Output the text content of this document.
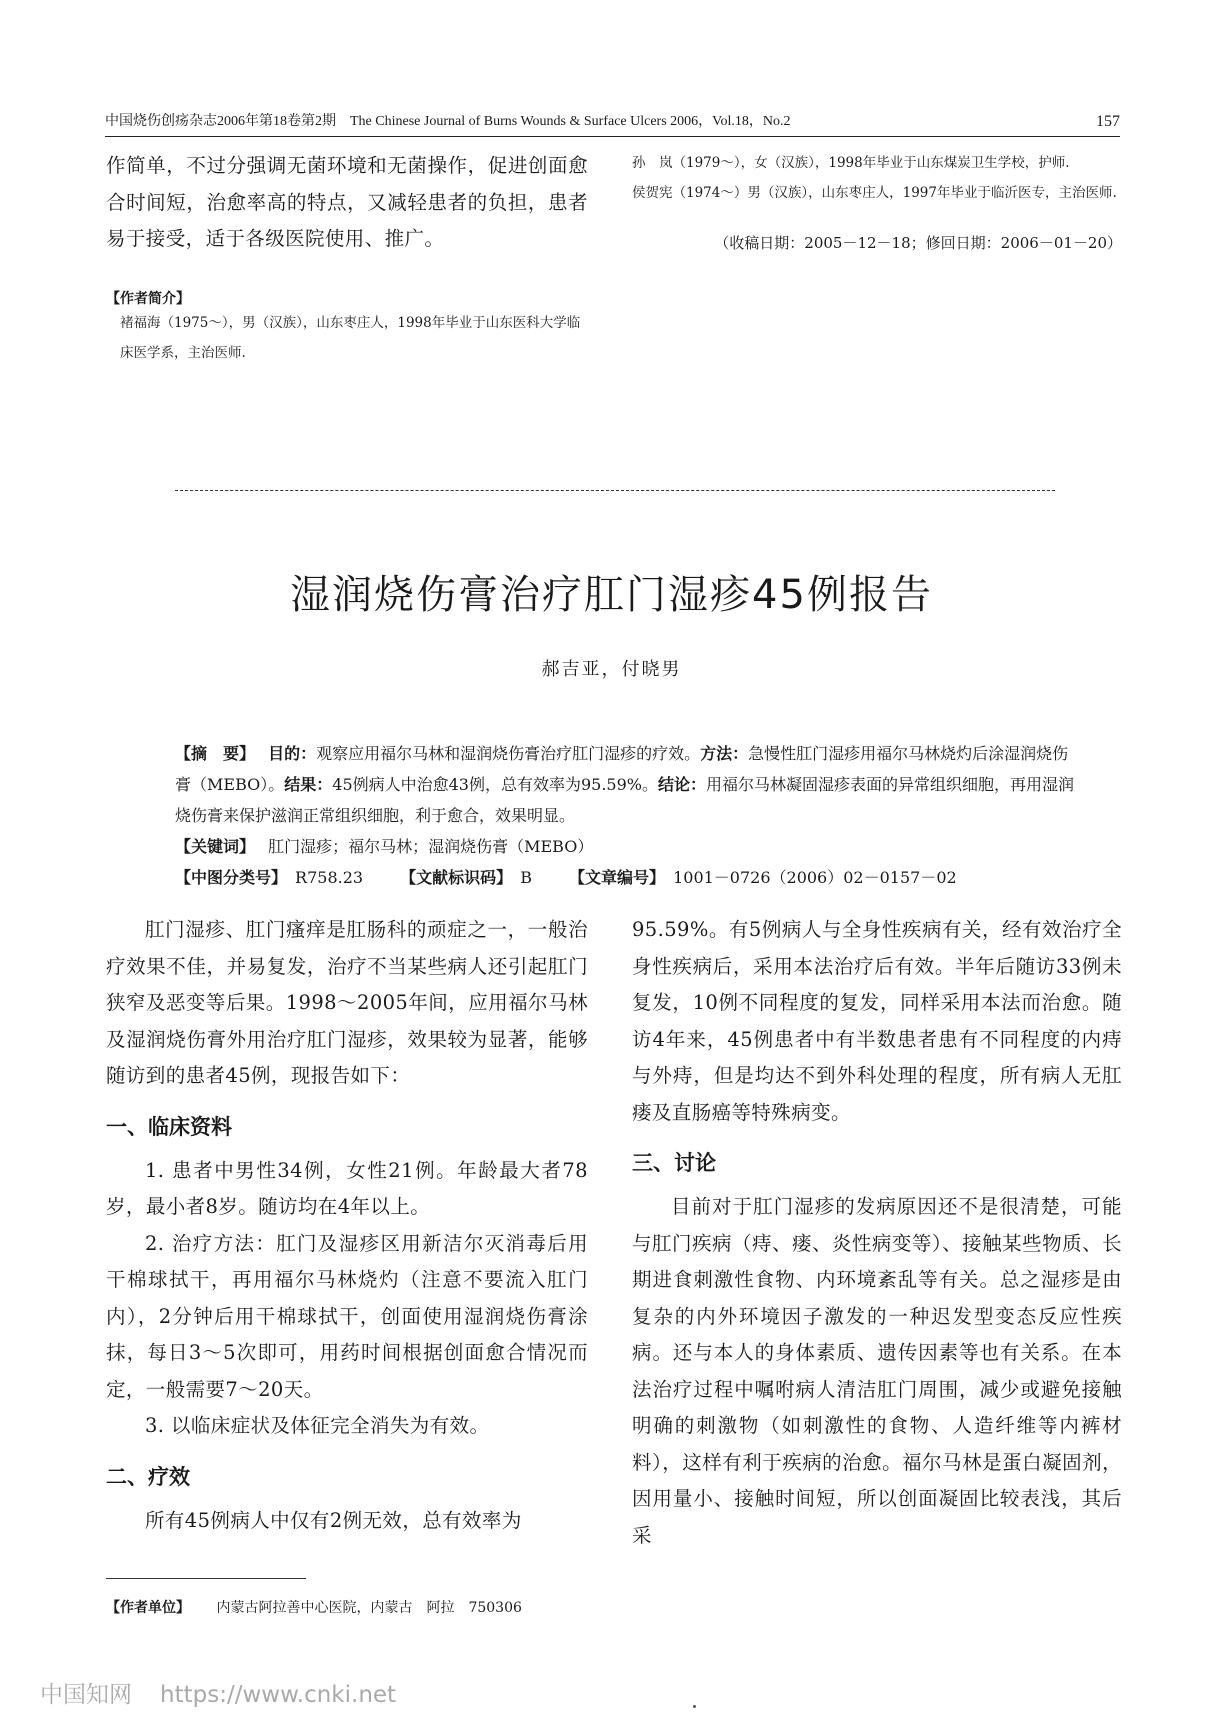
中国烧伤创疡杂志2006年第18卷第2期　The Chinese Journal of Burns Wounds & Surface Ulcers 2006，Vol.18，No.2	157

作简单，不过分强调无菌环境和无菌操作，促进创面愈合时间短，治愈率高的特点，又减轻患者的负担，患者易于接受，适于各级医院使用、推广。

【作者简介】

褚福海（1975～），男（汉族），山东枣庄人，1998年毕业于山东医科大学临床医学系，主治医师.

孙　岚（1979～），女（汉族），1998年毕业于山东煤炭卫生学校，护师.

侯贺宪（1974～）男（汉族），山东枣庄人，1997年毕业于临沂医专，主治医师.

（收稿日期：2005－12－18；修回日期：2006－01－20）

湿润烧伤膏治疗肛门湿疹45例报告
郝吉亚，付晓男

【摘　要】　 目的：观察应用福尔马林和湿润烧伤膏治疗肛门湿疹的疗效。方法：急慢性肛门湿疹用福尔马林烧灼后涂湿润烧伤膏（MEBO）。结果：45例病人中治愈43例，总有效率为95.59%。结论：用福尔马林凝固湿疹表面的异常组织细胞，再用湿润烧伤膏来保护滋润正常组织细胞，利于愈合，效果明显。

【关键词】　 肛门湿疹；福尔马林；湿润烧伤膏（MEBO）

【中图分类号】　 R758.23　　 【文献标识码】　 B　　 【文章编号】　 1001－0726（2006）02－0157－02

肛门湿疹、肛门瘙痒是肛肠科的顽症之一，一般治疗效果不佳，并易复发，治疗不当某些病人还引起肛门狭窄及恶变等后果。1998～2005年间，应用福尔马林及湿润烧伤膏外用治疗肛门湿疹，效果较为显著，能够随访到的患者45例，现报告如下：

一、临床资料

1. 患者中男性34例，女性21例。年龄最大者78岁，最小者8岁。随访均在4年以上。

2. 治疗方法：肛门及湿疹区用新洁尔灭消毒后用干棉球拭干，再用福尔马林烧灼（注意不要流入肛门内），2分钟后用干棉球拭干，创面使用湿润烧伤膏涂抹，每日3～5次即可，用药时间根据创面愈合情况而定，一般需要7～20天。

3. 以临床症状及体征完全消失为有效。

二、疗效

所有45例病人中仅有2例无效，总有效率为

95.59%。有5例病人与全身性疾病有关，经有效治疗全身性疾病后，采用本法治疗后有效。半年后随访33例未复发，10例不同程度的复发，同样采用本法而治愈。随访4年来，45例患者中有半数患者患有不同程度的内痔与外痔，但是均达不到外科处理的程度，所有病人无肛瘘及直肠癌等特殊病变。

三、讨论

目前对于肛门湿疹的发病原因还不是很清楚，可能与肛门疾病（痔、瘘、炎性病变等）、接触某些物质、长期进食刺激性食物、内环境紊乱等有关。总之湿疹是由复杂的内外环境因子激发的一种迟发型变态反应性疾病。还与本人的身体素质、遗传因素等也有关系。在本法治疗过程中嘱咐病人清洁肛门周围，减少或避免接触明确的刺激物（如刺激性的食物、人造纤维等内裤材料），这样有利于疾病的治愈。福尔马林是蛋白凝固剂，因用量小、接触时间短，所以创面凝固比较表浅，其后采

【作者单位】 内蒙古阿拉善中心医院，内蒙古　阿拉　750306
中国知网 https://www.cnki.net
